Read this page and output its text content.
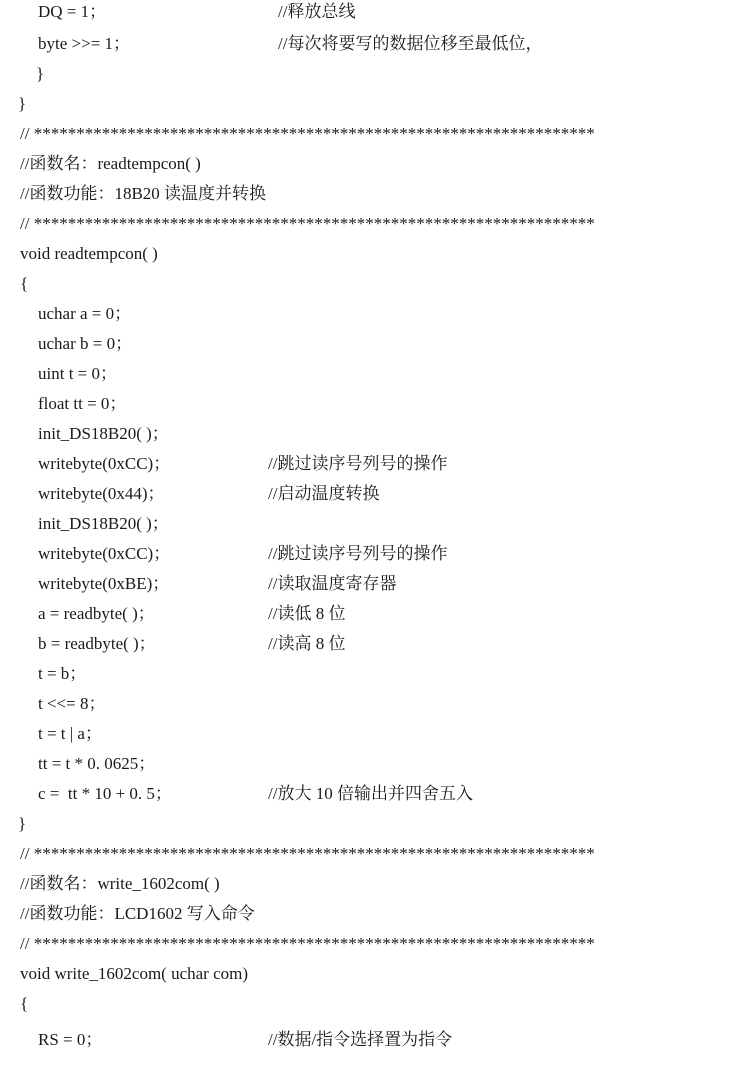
DQ = 1；	//释放总线
byte >>= 1；	//每次将要写的数据位移至最低位，
}
}
// ******************************************************************
//函数名：readtempcon( )
//函数功能：18B20 读温度并转换
// ******************************************************************
void readtempcon( )
{
uchar a = 0；
uchar b = 0；
uint t = 0；
float tt = 0；
init_DS18B20( )；
writebyte(0xCC)；	//跳过读序号列号的操作
writebyte(0x44)；	//启动温度转换
init_DS18B20( )；
writebyte(0xCC)；	//跳过读序号列号的操作
writebyte(0xBE)；	//读取温度寄存器
a = readbyte( )；	//读低 8 位
b = readbyte( )；	//读高 8 位
t = b；
t <<= 8；
t = t | a；
tt = t * 0. 0625；
c =  tt * 10 + 0. 5；	//放大 10 倍输出并四舍五入
}
// ******************************************************************
//函数名：write_1602com( )
//函数功能：LCD1602 写入命令
// ******************************************************************
void write_1602com( uchar com)
{
RS = 0；	//数据/指令选择置为指令
